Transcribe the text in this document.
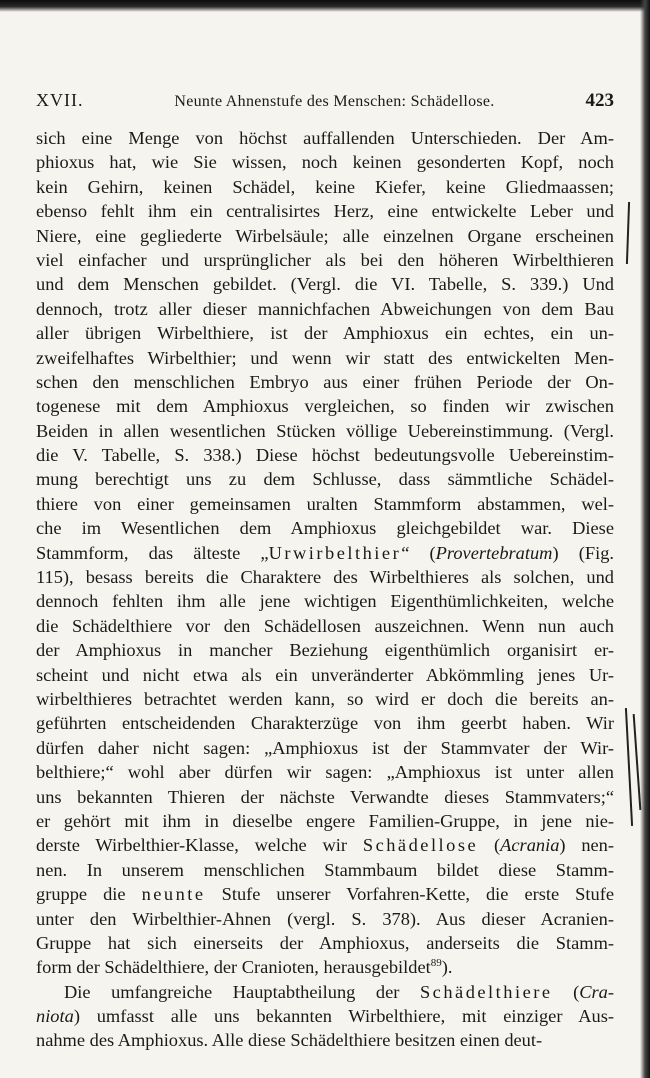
XVII.	Neunte Ahnenstufe des Menschen: Schädellose.	423
sich eine Menge von höchst auffallenden Unterschieden. Der Am-
phioxus hat, wie Sie wissen, noch keinen gesonderten Kopf, noch
kein Gehirn, keinen Schädel, keine Kiefer, keine Gliedmaassen;
ebenso fehlt ihm ein centralisirtes Herz, eine entwickelte Leber und
Niere, eine gegliederte Wirbelsäule; alle einzelnen Organe erscheinen
viel einfacher und ursprünglicher als bei den höheren Wirbelthieren
und dem Menschen gebildet. (Vergl. die VI. Tabelle, S. 339.) Und
dennoch, trotz aller dieser mannichfachen Abweichungen von dem Bau
aller übrigen Wirbelthiere, ist der Amphioxus ein echtes, ein un-
zweifelhaftes Wirbelthier; und wenn wir statt des entwickelten Men-
schen den menschlichen Embryo aus einer frühen Periode der On-
togenese mit dem Amphioxus vergleichen, so finden wir zwischen
Beiden in allen wesentlichen Stücken völlige Uebereinstimmung. (Vergl.
die V. Tabelle, S. 338.) Diese höchst bedeutungsvolle Uebereinstim-
mung berechtigt uns zu dem Schlusse, dass sämmtliche Schädel-
thiere von einer gemeinsamen uralten Stammform abstammen, wel-
che im Wesentlichen dem Amphioxus gleichgebildet war. Diese
Stammform, das älteste „Urwirbelthier“ (Provertebratum) (Fig.
115), besass bereits die Charaktere des Wirbelthieres als solchen, und
dennoch fehlten ihm alle jene wichtigen Eigenthümlichkeiten, welche
die Schädelthiere vor den Schädellosen auszeichnen. Wenn nun auch
der Amphioxus in mancher Beziehung eigenthümlich organisirt er-
scheint und nicht etwa als ein unveränderter Abkömmling jenes Ur-
wirbelthieres betrachtet werden kann, so wird er doch die bereits an-
geführten entscheidenden Charakterzüge von ihm geerbt haben. Wir
dürfen daher nicht sagen: „Amphioxus ist der Stammvater der Wir-
belthiere;“ wohl aber dürfen wir sagen: „Amphioxus ist unter allen
uns bekannten Thieren der nächste Verwandte dieses Stammvaters;“
er gehört mit ihm in dieselbe engere Familien-Gruppe, in jene nie-
derste Wirbelthier-Klasse, welche wir Schädellose (Acrania) nen-
nen. In unserem menschlichen Stammbaum bildet diese Stamm-
gruppe die neunte Stufe unserer Vorfahren-Kette, die erste Stufe
unter den Wirbelthier-Ahnen (vergl. S. 378). Aus dieser Acranien-
Gruppe hat sich einerseits der Amphioxus, anderseits die Stamm-
form der Schädelthiere, der Cranioten, herausgebildet$^{89}$).
Die umfangreiche Hauptabtheilung der Schädelthiere (Cra-
niota) umfasst alle uns bekannten Wirbelthiere, mit einziger Aus-
nahme des Amphioxus. Alle diese Schädelthiere besitzen einen deut-
